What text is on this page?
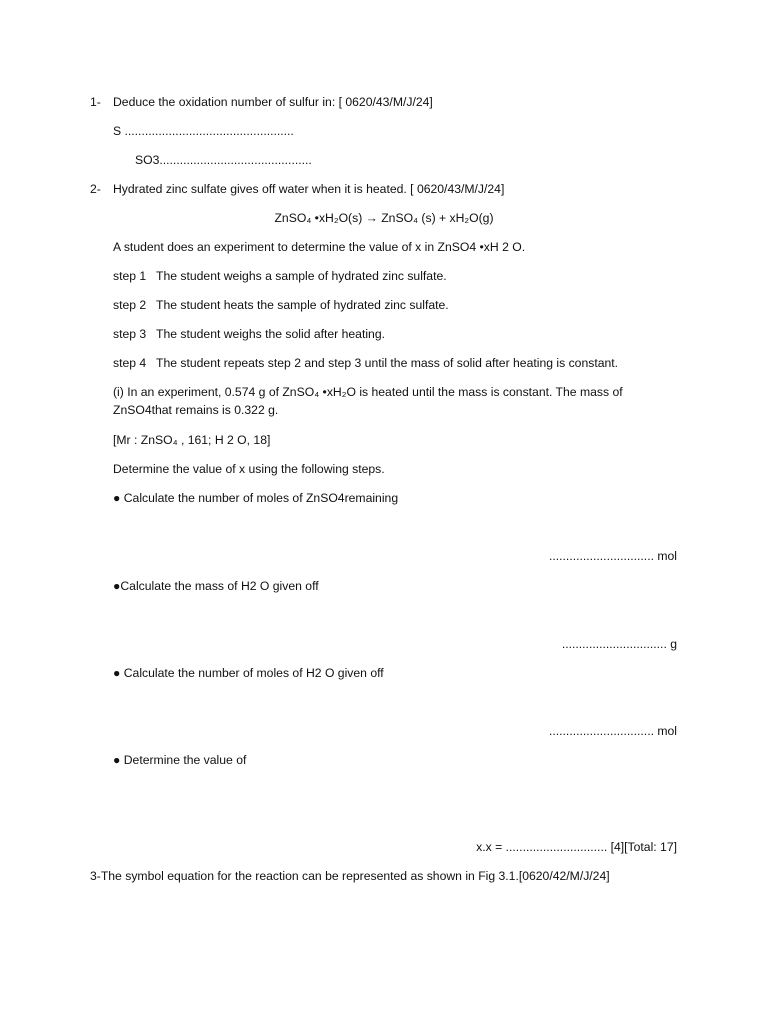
1- Deduce the oxidation number of sulfur in: [ 0620/43/M/J/24]
S ..................................................
SO3.............................................
2- Hydrated zinc sulfate gives off water when it is heated. [ 0620/43/M/J/24]
ZnSO₄ •xH₂O(s) → ZnSO₄ (s) + xH₂O(g)
A student does an experiment to determine the value of x in ZnSO4 •xH 2 O.
step 1 The student weighs a sample of hydrated zinc sulfate.
step 2 The student heats the sample of hydrated zinc sulfate.
step 3 The student weighs the solid after heating.
step 4 The student repeats step 2 and step 3 until the mass of solid after heating is constant.
(i) In an experiment, 0.574 g of ZnSO₄ •xH₂O is heated until the mass is constant. The mass of
ZnSO4that remains is 0.322 g.
[Mr : ZnSO₄ , 161; H 2 O, 18]
Determine the value of x using the following steps.
● Calculate the number of moles of ZnSO4remaining
............................... mol
●Calculate the mass of H2 O given off
............................... g
● Calculate the number of moles of H2 O given off
............................... mol
● Determine the value of
x.x = .............................. [4][Total: 17]
3-The symbol equation for the reaction can be represented as shown in Fig 3.1.[0620/42/M/J/24]
